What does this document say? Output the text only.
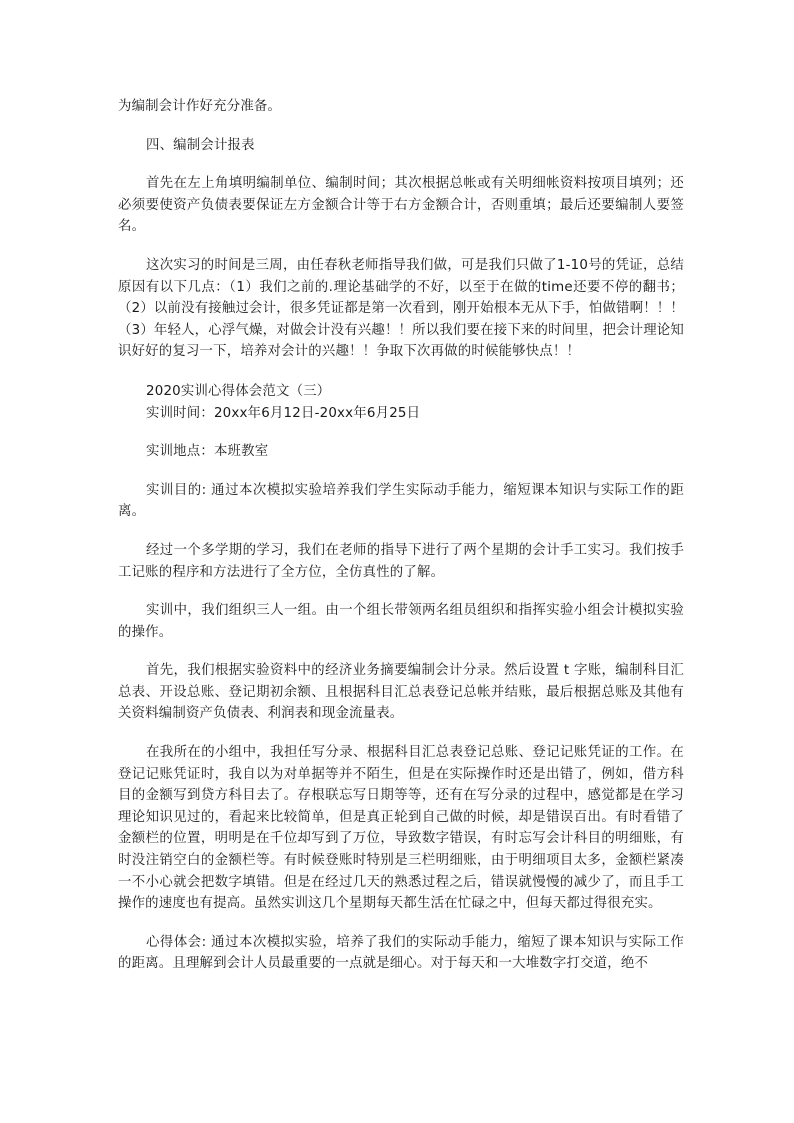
为编制会计作好充分准备。

四、编制会计报表

首先在左上角填明编制单位、编制时间；其次根据总帐或有关明细帐资料按项目填列；还必须要使资产负债表要保证左方金额合计等于右方金额合计，否则重填；最后还要编制人要签名。

这次实习的时间是三周，由任春秋老师指导我们做，可是我们只做了1-10号的凭证，总结原因有以下几点：（1）我们之前的.理论基础学的不好，以至于在做的time还要不停的翻书；（2）以前没有接触过会计，很多凭证都是第一次看到，刚开始根本无从下手，怕做错啊！！！（3）年轻人，心浮气燥，对做会计没有兴趣！！所以我们要在接下来的时间里，把会计理论知识好好的复习一下，培养对会计的兴趣！！争取下次再做的时候能够快点！！

2020实训心得体会范文（三）

实训时间：20xx年6月12日-20xx年6月25日

实训地点：本班教室

实训目的: 通过本次模拟实验培养我们学生实际动手能力，缩短课本知识与实际工作的距离。

经过一个多学期的学习，我们在老师的指导下进行了两个星期的会计手工实习。我们按手工记账的程序和方法进行了全方位，全仿真性的了解。

实训中，我们组织三人一组。由一个组长带领两名组员组织和指挥实验小组会计模拟实验的操作。

首先，我们根据实验资料中的经济业务摘要编制会计分录。然后设置 t 字账，编制科目汇总表、开设总账、登记期初余额、且根据科目汇总表登记总帐并结账，最后根据总账及其他有关资料编制资产负债表、利润表和现金流量表。

在我所在的小组中，我担任写分录、根据科目汇总表登记总账、登记记账凭证的工作。在登记记账凭证时，我自以为对单据等并不陌生，但是在实际操作时还是出错了，例如，借方科目的金额写到贷方科目去了。存根联忘写日期等等，还有在写分录的过程中，感觉都是在学习理论知识见过的，看起来比较简单，但是真正轮到自己做的时候，却是错误百出。有时看错了金额栏的位置，明明是在千位却写到了万位，导致数字错误，有时忘写会计科目的明细账，有时没注销空白的金额栏等。有时候登账时特别是三栏明细账，由于明细项目太多，金额栏紧凑一不小心就会把数字填错。但是在经过几天的熟悉过程之后，错误就慢慢的减少了，而且手工操作的速度也有提高。虽然实训这几个星期每天都生活在忙碌之中，但每天都过得很充实。

心得体会: 通过本次模拟实验，培养了我们的实际动手能力，缩短了课本知识与实际工作的距离。且理解到会计人员最重要的一点就是细心。对于每天和一大堆数字打交道，绝不
